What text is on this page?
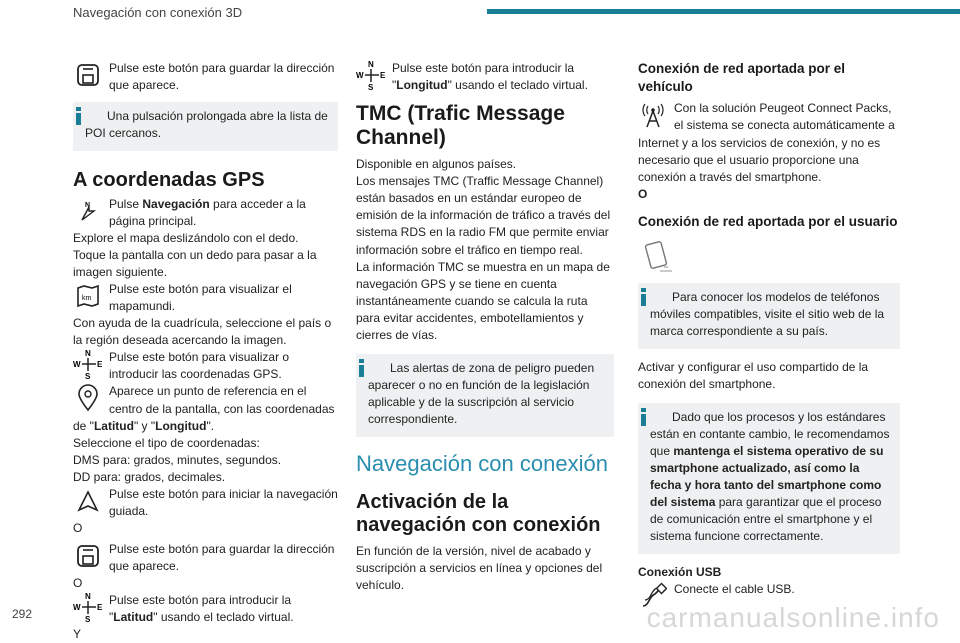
Navegación con conexión 3D

Pulse este botón para guardar la dirección que aparece.

Una pulsación prolongada abre la lista de POI cercanos.

A coordenadas GPS

N	Pulse Navegación para acceder a la página principal.

Explore el mapa deslizándolo con el dedo.

Toque la pantalla con un dedo para pasar a la imagen siguiente.

km

Pulse este botón para visualizar el mapamundi.

Con ayuda de la cuadrícula, seleccione el país o la región deseada acercando la imagen.

N
S
W E

Pulse este botón para visualizar o introducir las coordenadas GPS.

Aparece un punto de referencia en el centro de la pantalla, con las coordenadas de "Latitud" y "Longitud".

Seleccione el tipo de coordenadas:

DMS para: grados, minutes, segundos.

DD para: grados, decimales.

Pulse este botón para iniciar la navegación guiada.

O

Pulse este botón para guardar la dirección que aparece.

O

N
S
W E

Pulse este botón para introducir la "Latitud" usando el teclado virtual.

Y

N
S
W E

Pulse este botón para introducir la "Longitud" usando el teclado virtual.

TMC (Trafic Message Channel)

Disponible en algunos países.

Los mensajes TMC (Traffic Message Channel) están basados en un estándar europeo de emisión de la información de tráfico a través del sistema RDS en la radio FM que permite enviar información sobre el tráfico en tiempo real.

La información TMC se muestra en un mapa de navegación GPS y se tiene en cuenta instantáneamente cuando se calcula la ruta para evitar accidentes, embotellamientos y cierres de vías.

Las alertas de zona de peligro pueden aparecer o no en función de la legislación aplicable y de la suscripción al servicio correspondiente.

Navegación con conexión

Activación de la navegación con conexión

En función de la versión, nivel de acabado y suscripción a servicios en línea y opciones del vehículo.

Conexión de red aportada por el vehículo

Con la solución Peugeot Connect Packs, el sistema se conecta automáticamente a Internet y a los servicios de conexión, y no es necesario que el usuario proporcione una conexión a través del smartphone.

O

Conexión de red aportada por el usuario

Para conocer los modelos de teléfonos móviles compatibles, visite el sitio web de la marca correspondiente a su país.

Activar y configurar el uso compartido de la conexión del smartphone.

Dado que los procesos y los estándares están en contante cambio, le recomendamos que mantenga el sistema operativo de su smartphone actualizado, así como la fecha y hora tanto del smartphone como del sistema para garantizar que el proceso de comunicación entre el smartphone y el sistema funcione correctamente.

Conexión USB

Conecte el cable USB.

292	carmanualsonline.info
